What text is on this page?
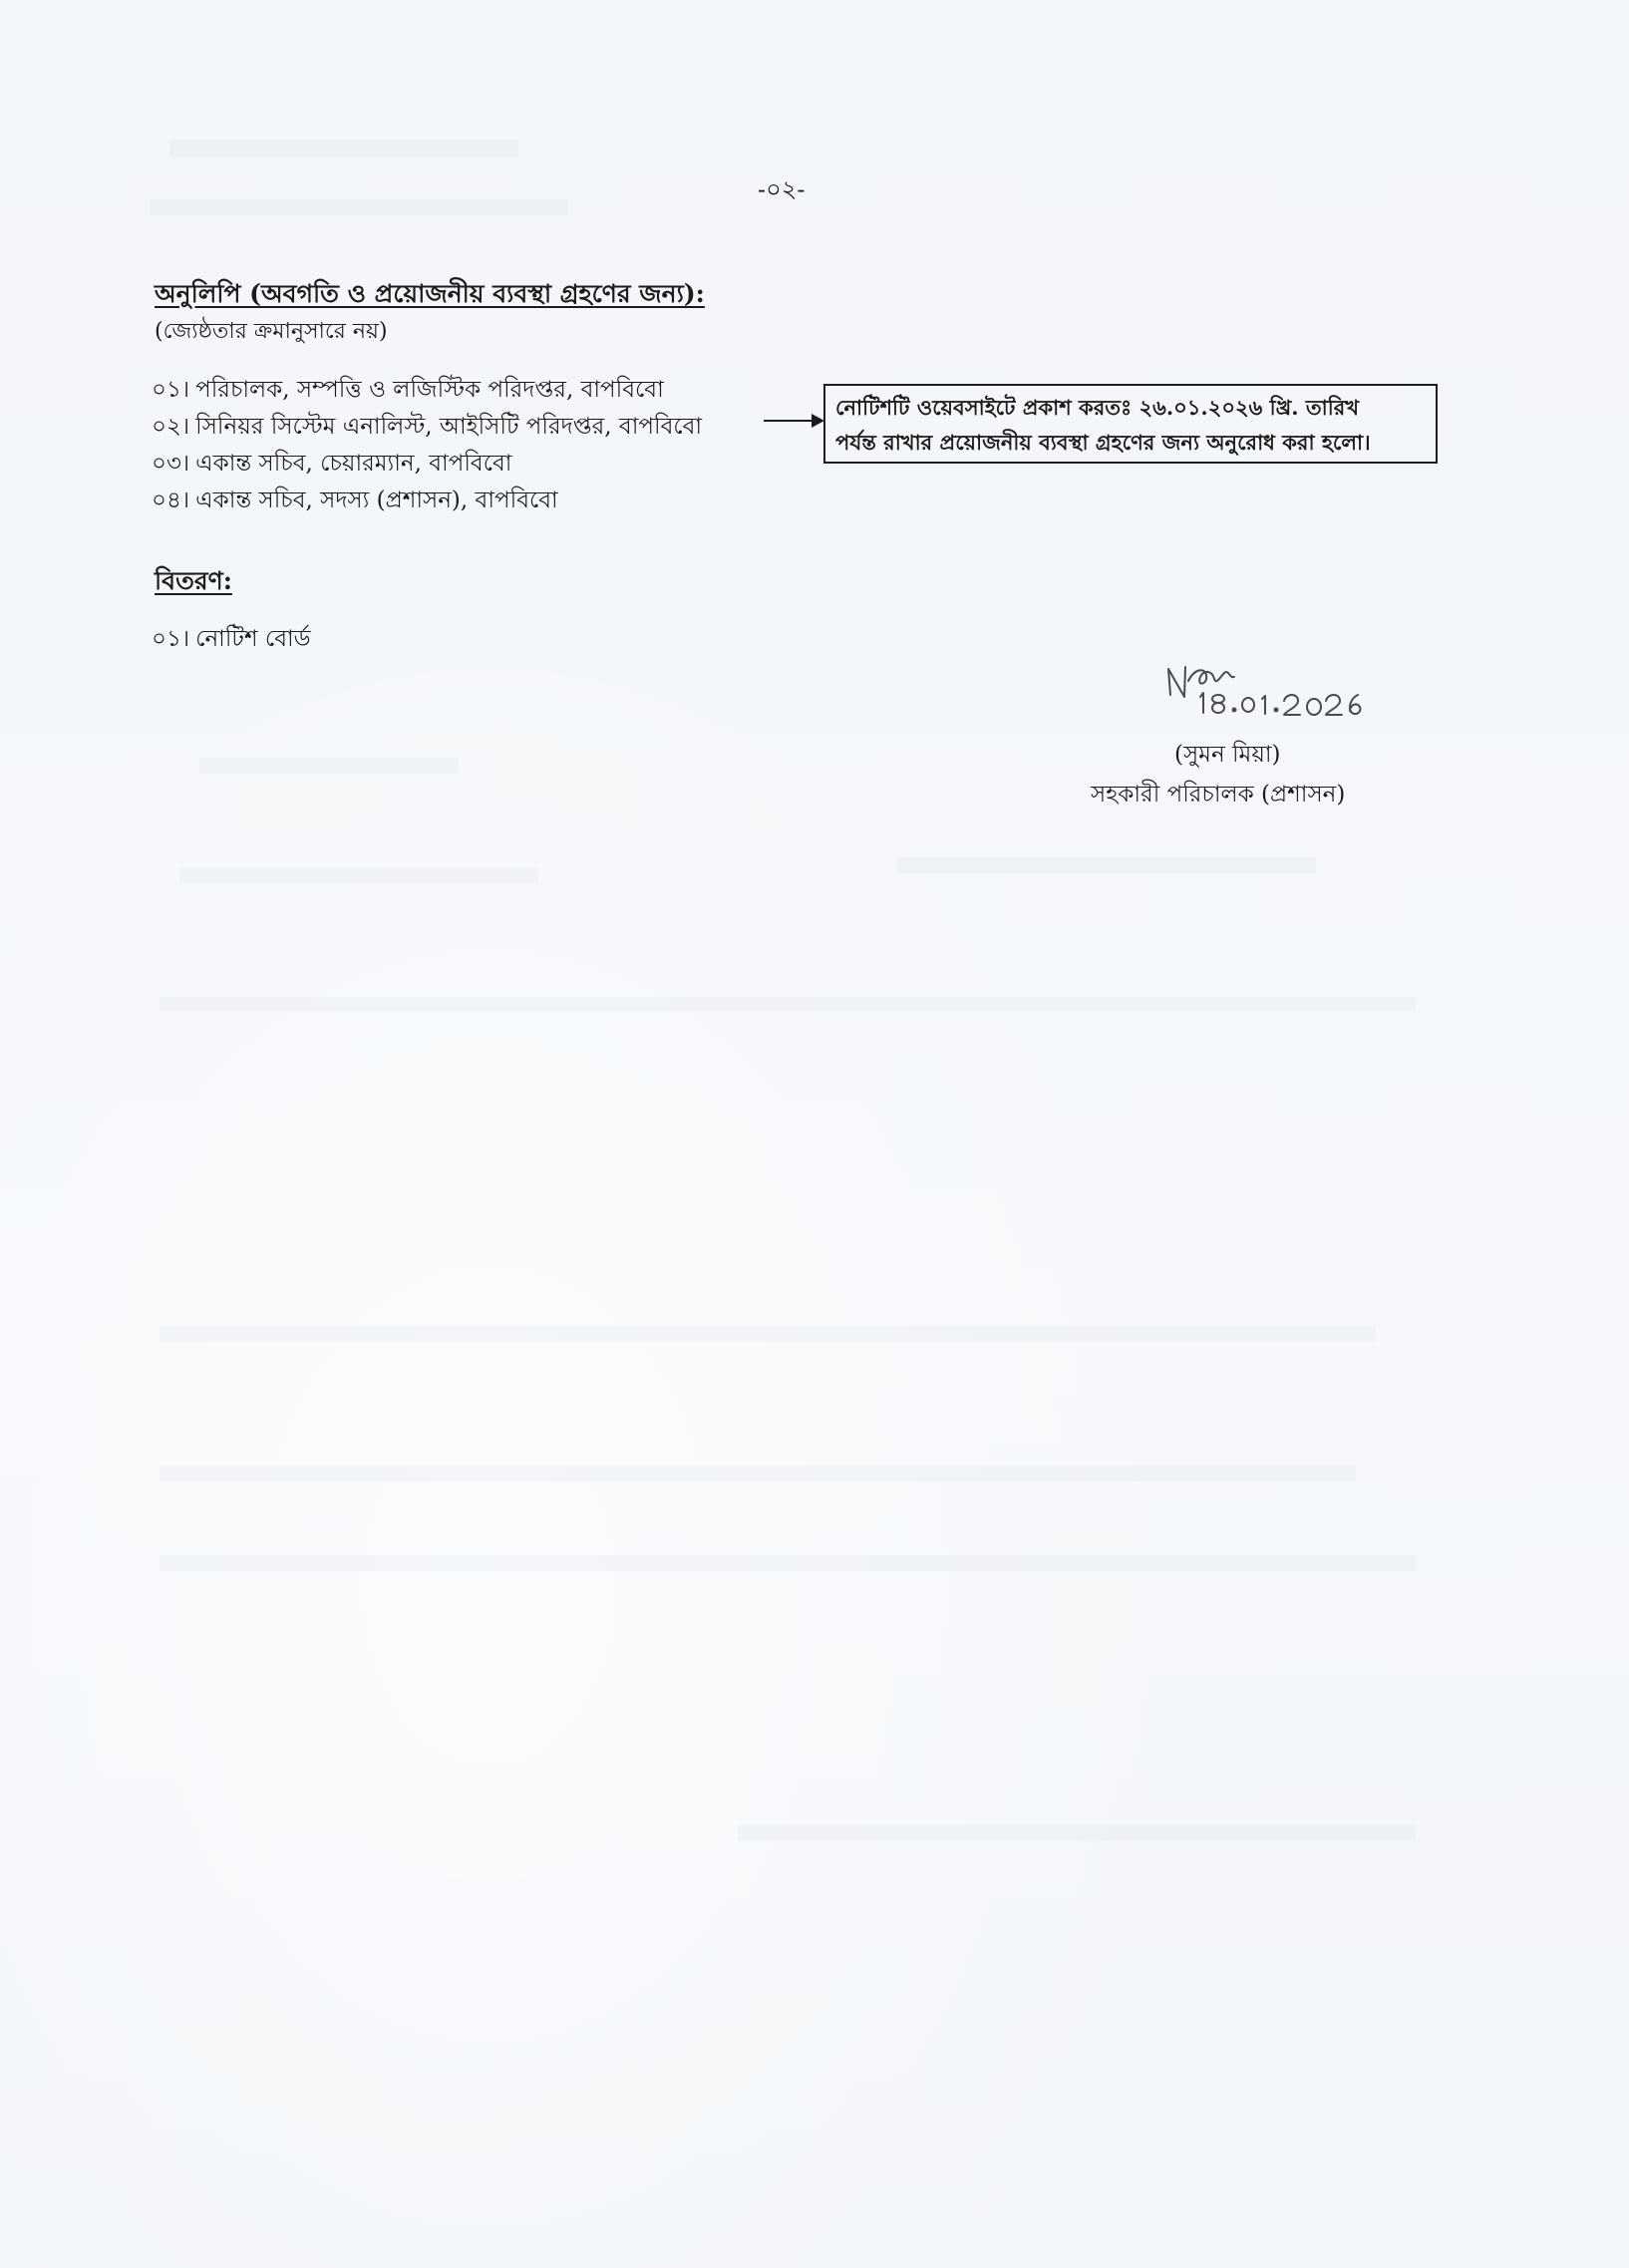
-০২-
অনুলিপি (অবগতি ও প্রয়োজনীয় ব্যবস্থা গ্রহণের জন্য):
(জ্যেষ্ঠতার ক্রমানুসারে নয়)
০১। পরিচালক, সম্পত্তি ও লজিস্টিক পরিদপ্তর, বাপবিবো
০২। সিনিয়র সিস্টেম এনালিস্ট, আইসিটি পরিদপ্তর, বাপবিবো
০৩। একান্ত সচিব, চেয়ারম্যান, বাপবিবো
০৪। একান্ত সচিব, সদস্য (প্রশাসন), বাপবিবো
নোটিশটি ওয়েবসাইটে প্রকাশ করতঃ ২৬.০১.২০২৬ খ্রি. তারিখ
পর্যন্ত রাখার প্রয়োজনীয় ব্যবস্থা গ্রহণের জন্য অনুরোধ করা হলো।
বিতরণ:
০১। নোটিশ বোর্ড
(সুমন মিয়া)
সহকারী পরিচালক (প্রশাসন)
